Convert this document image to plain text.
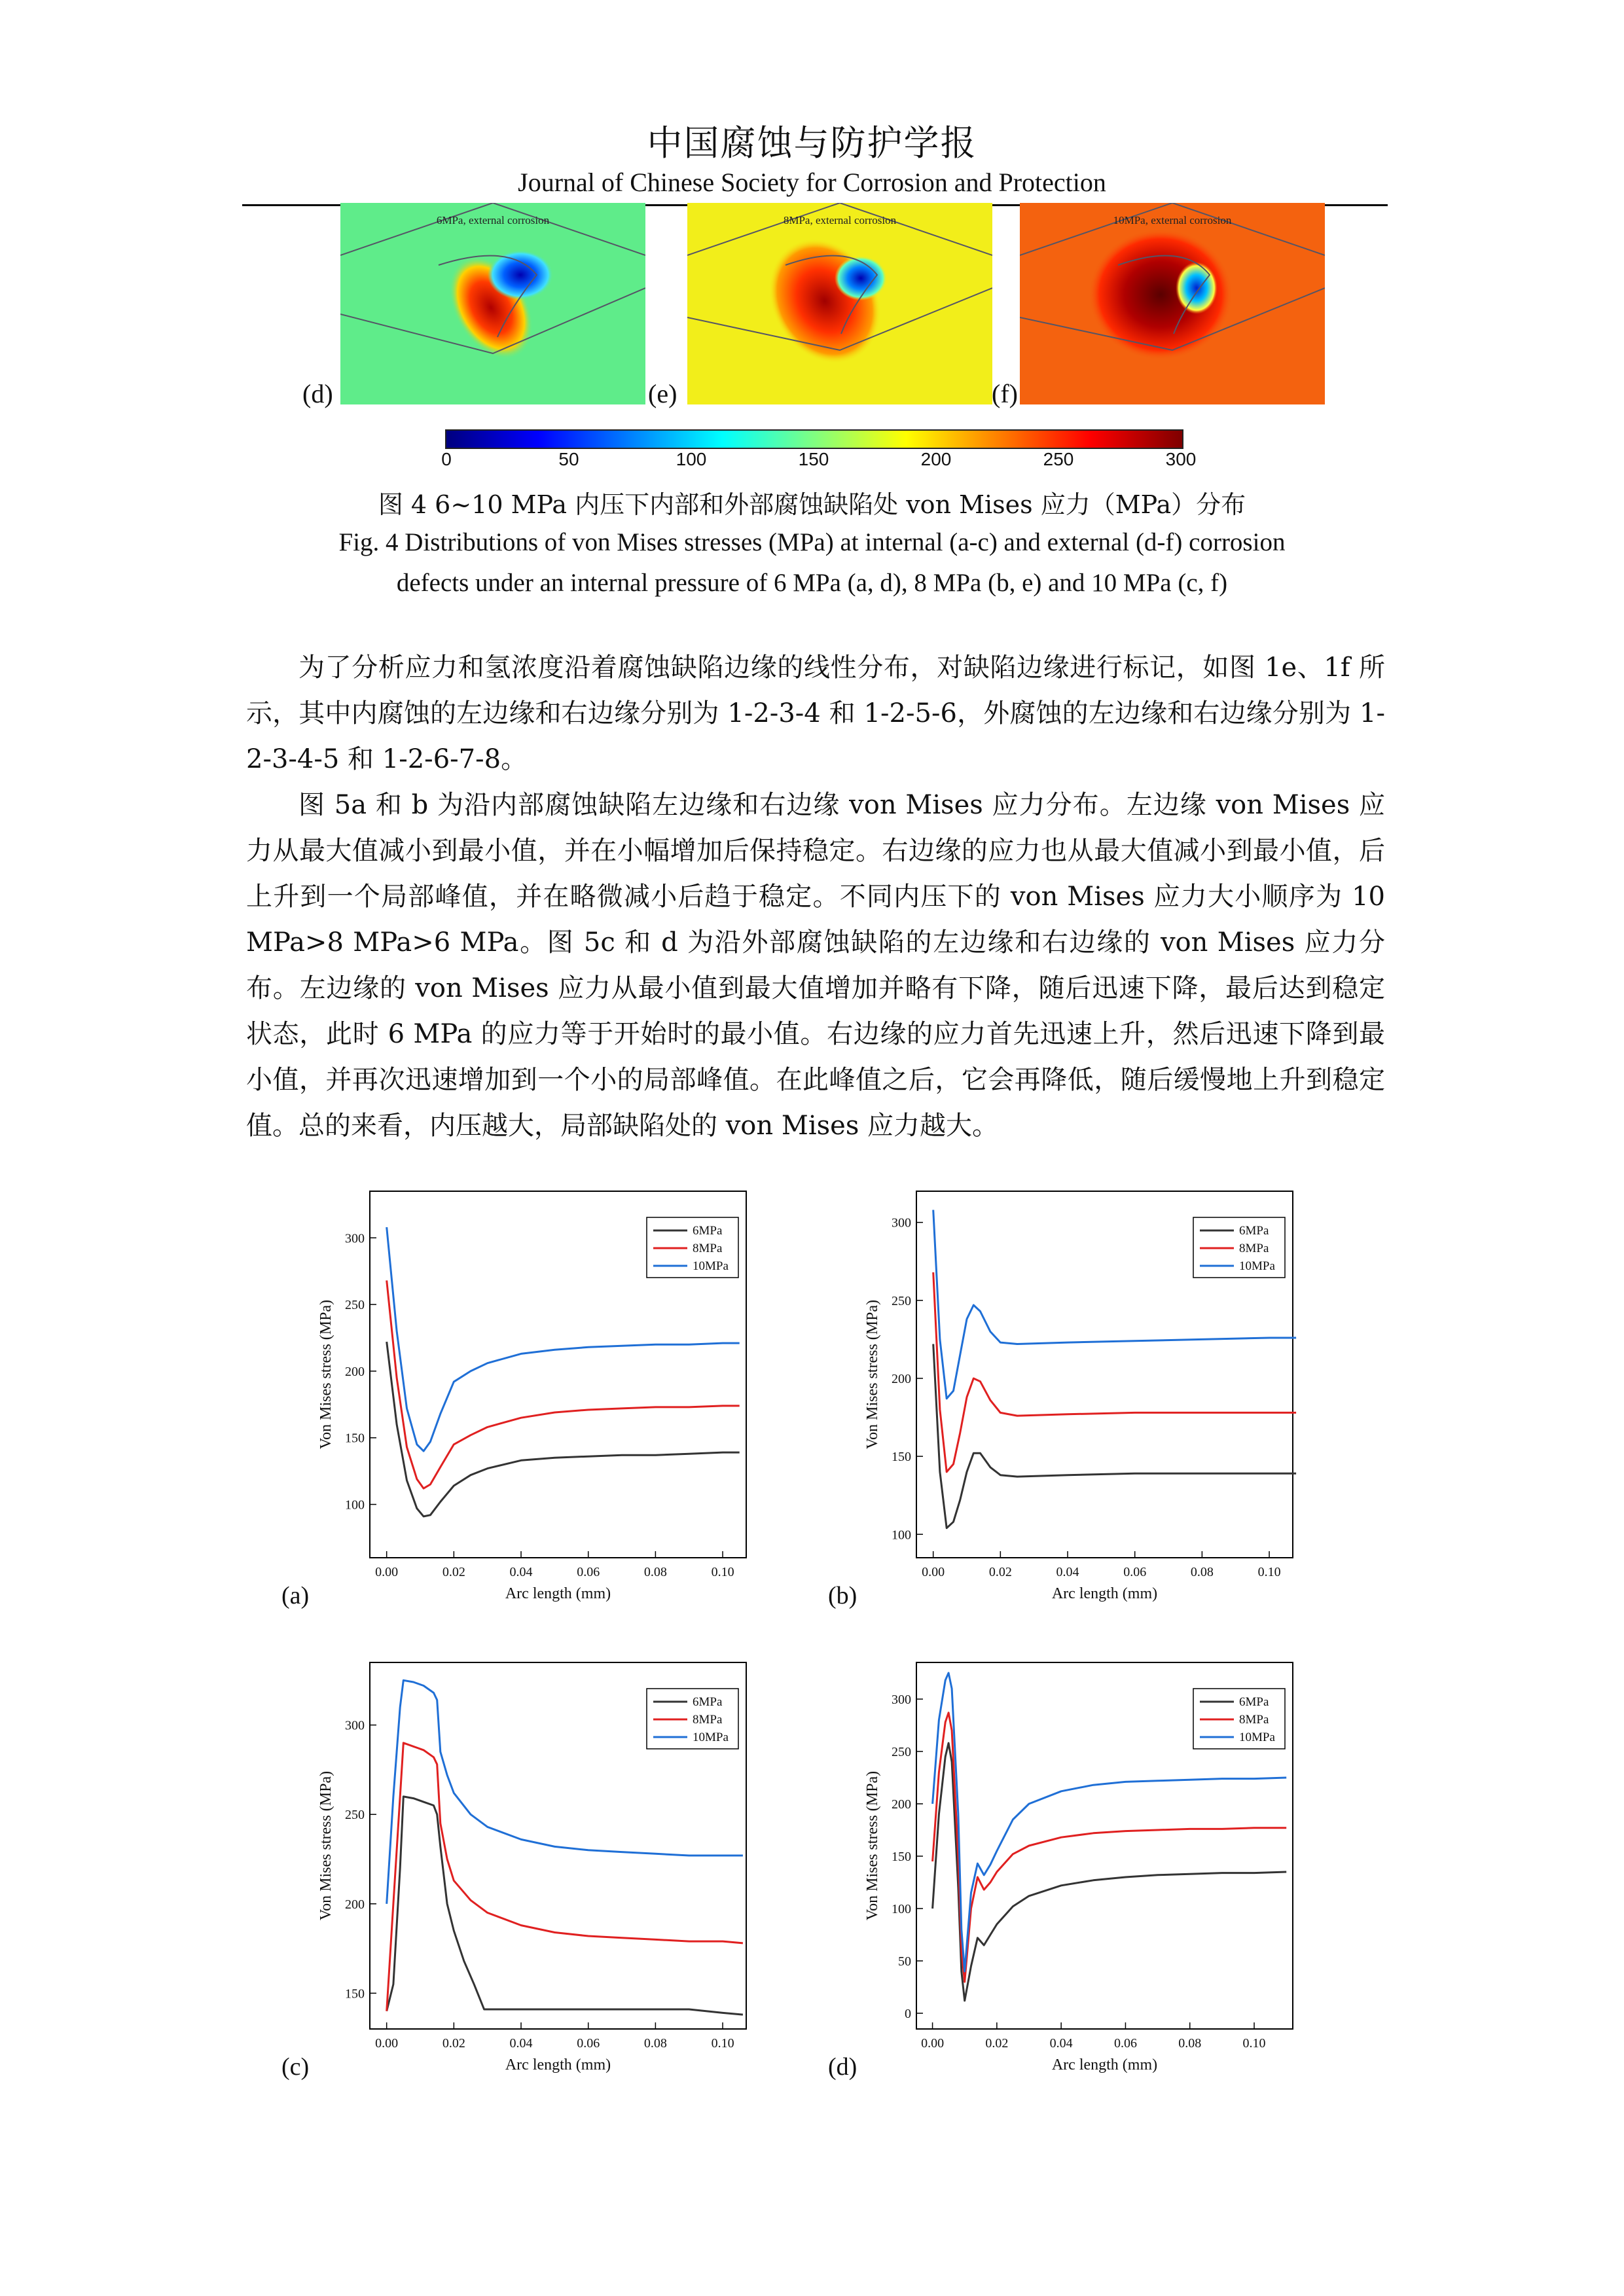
中国腐蚀与防护学报
Journal of Chinese Society for Corrosion and Protection
6MPa, external corrosion	8MPa, external corrosion	10MPa, external corrosion
(d)	(e)	(f)
0	50	100	150	200	250	300
图 4 6~10 MPa 内压下内部和外部腐蚀缺陷处 von Mises 应力（MPa）分布
Fig. 4 Distributions of von Mises stresses (MPa) at internal (a-c) and external (d-f) corrosion
defects under an internal pressure of 6 MPa (a, d), 8 MPa (b, e) and 10 MPa (c, f)

为了分析应力和氢浓度沿着腐蚀缺陷边缘的线性分布，对缺陷边缘进行标记，如图 1e、1f 所示，其中内腐蚀的左边缘和右边缘分别为 1-2-3-4 和 1-2-5-6，外腐蚀的左边缘和右边缘分别为 1-2-3-4-5 和 1-2-6-7-8。

图 5a 和 b 为沿内部腐蚀缺陷左边缘和右边缘 von Mises 应力分布。左边缘 von Mises 应力从最大值减小到最小值，并在小幅增加后保持稳定。右边缘的应力也从最大值减小到最小值，后上升到一个局部峰值，并在略微减小后趋于稳定。不同内压下的 von Mises 应力大小顺序为 10 MPa>8 MPa>6 MPa。图 5c 和 d 为沿外部腐蚀缺陷的左边缘和右边缘的 von Mises 应力分布。左边缘的 von Mises 应力从最小值到最大值增加并略有下降，随后迅速下降，最后达到稳定状态，此时 6 MPa 的应力等于开始时的最小值。右边缘的应力首先迅速上升，然后迅速下降到最小值，并再次迅速增加到一个小的局部峰值。在此峰值之后，它会再降低，随后缓慢地上升到稳定值。总的来看，内压越大，局部缺陷处的 von Mises 应力越大。

0.00	0.02	0.04	0.06	0.08	0.10
100
150
200
250
300
Arc length (mm)
Von Mises stress (MPa)
6MPa
8MPa
10MPa
(a)
0.00	0.02	0.04	0.06	0.08	0.10
100
150
200
250
300
Arc length (mm)
Von Mises stress (MPa)
6MPa
8MPa
10MPa
(b)
0.00	0.02	0.04	0.06	0.08	0.10
150
200
250
300
Arc length (mm)
Von Mises stress (MPa)
6MPa
8MPa
10MPa
(c)
0.00	0.02	0.04	0.06	0.08	0.10
0
50
100
150
200
250
300
Arc length (mm)
Von Mises stress (MPa)
6MPa
8MPa
10MPa
(d)
